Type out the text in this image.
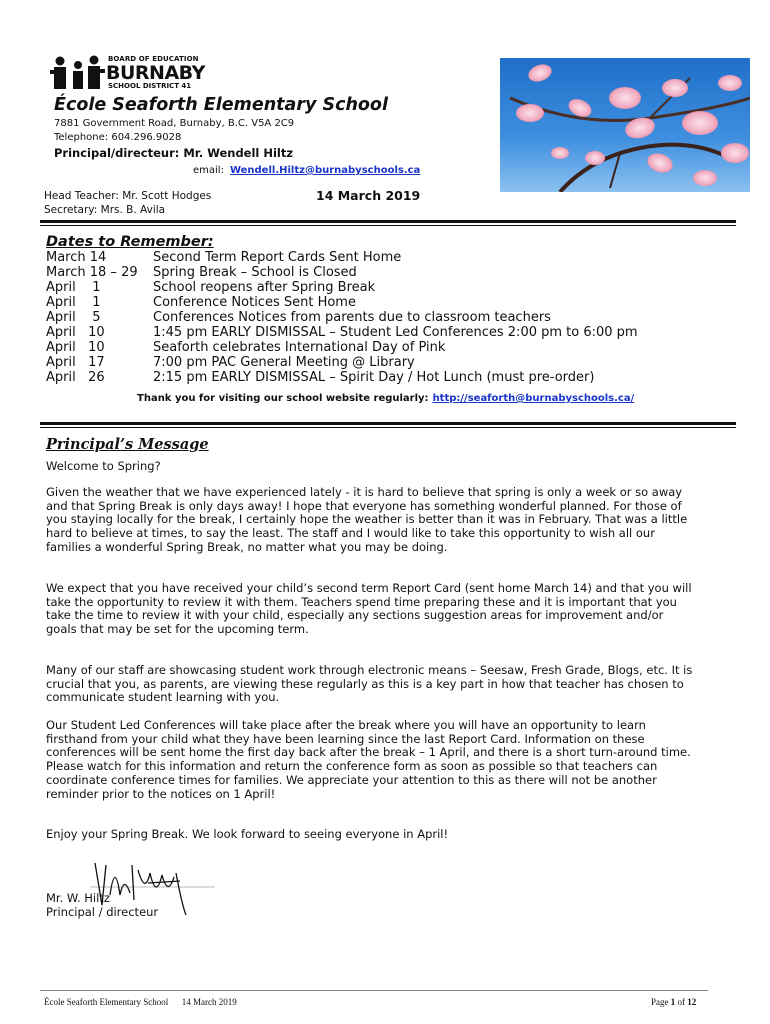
BOARD OF EDUCATION
BURNABY
SCHOOL DISTRICT 41
École Seaforth Elementary School
7881 Government Road, Burnaby, B.C. V5A 2C9
Telephone: 604.296.9028
Principal/directeur: Mr. Wendell Hiltz
email: Wendell.Hiltz@burnabyschools.ca
Head Teacher: Mr. Scott Hodges
Secretary: Mrs. B. Avila
14 March 2019
Dates to Remember:
March 14	Second Term Report Cards Sent Home
March 18 – 29	Spring Break – School is Closed
April    1	School reopens after Spring Break
April    1	Conference Notices Sent Home
April    5	Conferences Notices from parents due to classroom teachers
April   10	1:45 pm EARLY DISMISSAL – Student Led Conferences 2:00 pm to 6:00 pm
April   10	Seaforth celebrates International Day of Pink
April   17	7:00 pm PAC General Meeting @ Library
April   26	2:15 pm EARLY DISMISSAL – Spirit Day / Hot Lunch (must pre-order)
Thank you for visiting our school website regularly: http://seaforth@burnabyschools.ca/
Principal’s Message
Welcome to Spring?
Given the weather that we have experienced lately - it is hard to believe that spring is only a week or so away and that Spring Break is only days away! I hope that everyone has something wonderful planned. For those of you staying locally for the break, I certainly hope the weather is better than it was in February. That was a little hard to believe at times, to say the least. The staff and I would like to take this opportunity to wish all our families a wonderful Spring Break, no matter what you may be doing.
We expect that you have received your child’s second term Report Card (sent home March 14) and that you will take the opportunity to review it with them. Teachers spend time preparing these and it is important that you take the time to review it with your child, especially any sections suggestion areas for improvement and/or goals that may be set for the upcoming term.
Many of our staff are showcasing student work through electronic means – Seesaw, Fresh Grade, Blogs, etc. It is crucial that you, as parents, are viewing these regularly as this is a key part in how that teacher has chosen to communicate student learning with you.
Our Student Led Conferences will take place after the break where you will have an opportunity to learn firsthand from your child what they have been learning since the last Report Card. Information on these conferences will be sent home the first day back after the break – 1 April, and there is a short turn-around time. Please watch for this information and return the conference form as soon as possible so that teachers can coordinate conference times for families. We appreciate your attention to this as there will not be another reminder prior to the notices on 1 April!
Enjoy your Spring Break. We look forward to seeing everyone in April!
Mr. W. Hiltz
Principal / directeur
École Seaforth Elementary School      14 March 2019	Page 1 of 12
